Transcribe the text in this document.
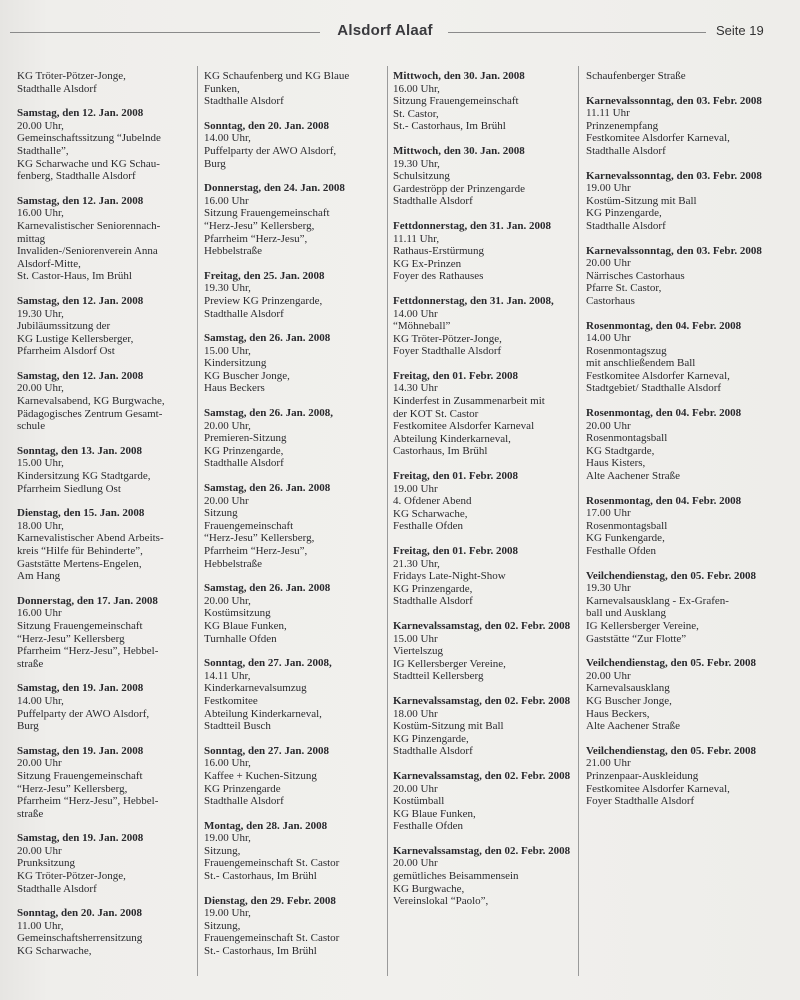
Alsdorf Alaaf	Seite 19
KG Tröter-Pötzer-Jonge,
Stadthalle Alsdorf
Samstag, den 12. Jan. 2008
20.00 Uhr,
Gemeinschaftssitzung “Jubelnde
Stadthalle”,
KG Scharwache und KG Schau-
fenberg, Stadthalle Alsdorf
Samstag, den 12. Jan. 2008
16.00 Uhr,
Karnevalistischer Seniorennach-
mittag
Invaliden-/Seniorenverein Anna
Alsdorf-Mitte,
St. Castor-Haus, Im Brühl
Samstag, den 12. Jan. 2008
19.30 Uhr,
Jubiläumssitzung der
KG Lustige Kellersberger,
Pfarrheim Alsdorf Ost
Samstag, den 12. Jan. 2008
20.00 Uhr,
Karnevalsabend, KG Burgwache,
Pädagogisches Zentrum Gesamt-
schule
Sonntag, den 13. Jan. 2008
15.00 Uhr,
Kindersitzung KG Stadtgarde,
Pfarrheim Siedlung Ost
Dienstag, den 15. Jan. 2008
18.00 Uhr,
Karnevalistischer Abend Arbeits-
kreis “Hilfe für Behinderte”,
Gaststätte Mertens-Engelen,
Am Hang
Donnerstag, den 17. Jan. 2008
16.00 Uhr
Sitzung Frauengemeinschaft
“Herz-Jesu” Kellersberg
Pfarrheim “Herz-Jesu”, Hebbel-
straße
Samstag, den 19. Jan. 2008
14.00 Uhr,
Puffelparty der AWO Alsdorf,
Burg
Samstag, den 19. Jan. 2008
20.00 Uhr
Sitzung Frauengemeinschaft
“Herz-Jesu” Kellersberg,
Pfarrheim “Herz-Jesu”, Hebbel-
straße
Samstag, den 19. Jan. 2008
20.00 Uhr
Prunksitzung
KG Tröter-Pötzer-Jonge,
Stadthalle Alsdorf
Sonntag, den 20. Jan. 2008
11.00 Uhr,
Gemeinschaftsherrensitzung
KG Scharwache,
KG Schaufenberg und KG Blaue
Funken,
Stadthalle Alsdorf
Sonntag, den 20. Jan. 2008
14.00 Uhr,
Puffelparty der AWO Alsdorf,
Burg
Donnerstag, den 24. Jan. 2008
16.00 Uhr
Sitzung Frauengemeinschaft
“Herz-Jesu” Kellersberg,
Pfarrheim “Herz-Jesu”,
Hebbelstraße
Freitag, den 25. Jan. 2008
19.30 Uhr,
Preview KG Prinzengarde,
Stadthalle Alsdorf
Samstag, den 26. Jan. 2008
15.00 Uhr,
Kindersitzung
KG Buscher Jonge,
Haus Beckers
Samstag, den 26. Jan. 2008,
20.00 Uhr,
Premieren-Sitzung
KG Prinzengarde,
Stadthalle Alsdorf
Samstag, den 26. Jan. 2008
20.00 Uhr
Sitzung
Frauengemeinschaft
“Herz-Jesu” Kellersberg,
Pfarrheim “Herz-Jesu”,
Hebbelstraße
Samstag, den 26. Jan. 2008
20.00 Uhr,
Kostümsitzung
KG Blaue Funken,
Turnhalle Ofden
Sonntag, den 27. Jan. 2008,
14.11 Uhr,
Kinderkarnevalsumzug
Festkomitee
Abteilung Kinderkarneval,
Stadtteil Busch
Sonntag, den 27. Jan. 2008
16.00 Uhr,
Kaffee + Kuchen-Sitzung
KG Prinzengarde
Stadthalle Alsdorf
Montag, den 28. Jan. 2008
19.00 Uhr,
Sitzung,
Frauengemeinschaft St. Castor
St.- Castorhaus, Im Brühl
Dienstag, den 29. Febr. 2008
19.00 Uhr,
Sitzung,
Frauengemeinschaft St. Castor
St.- Castorhaus, Im Brühl
Mittwoch, den 30. Jan. 2008
16.00 Uhr,
Sitzung Frauengemeinschaft
St. Castor,
St.- Castorhaus, Im Brühl
Mittwoch, den 30. Jan. 2008
19.30 Uhr,
Schulsitzung
Gardeströpp der Prinzengarde
Stadthalle Alsdorf
Fettdonnerstag, den 31. Jan. 2008
11.11 Uhr,
Rathaus-Erstürmung
KG Ex-Prinzen
Foyer des Rathauses
Fettdonnerstag, den 31. Jan. 2008,
14.00 Uhr
“Möhneball”
KG Tröter-Pötzer-Jonge,
Foyer Stadthalle Alsdorf
Freitag, den 01. Febr. 2008
14.30 Uhr
Kinderfest in Zusammenarbeit mit
der KOT St. Castor
Festkomitee Alsdorfer Karneval
Abteilung Kinderkarneval,
Castorhaus, Im Brühl
Freitag, den 01. Febr. 2008
19.00 Uhr
4. Ofdener Abend
KG Scharwache,
Festhalle Ofden
Freitag, den 01. Febr. 2008
21.30 Uhr,
Fridays Late-Night-Show
KG Prinzengarde,
Stadthalle Alsdorf
Karnevalssamstag, den 02. Febr. 2008
15.00 Uhr
Viertelszug
IG Kellersberger Vereine,
Stadtteil Kellersberg
Karnevalssamstag, den 02. Febr. 2008
18.00 Uhr
Kostüm-Sitzung mit Ball
KG Pinzengarde,
Stadthalle Alsdorf
Karnevalssamstag, den 02. Febr. 2008
20.00 Uhr
Kostümball
KG Blaue Funken,
Festhalle Ofden
Karnevalssamstag, den 02. Febr. 2008
20.00 Uhr
gemütliches Beisammensein
KG Burgwache,
Vereinslokal “Paolo”,
Schaufenberger Straße
Karnevalssonntag, den 03. Febr. 2008
11.11 Uhr
Prinzenempfang
Festkomitee Alsdorfer Karneval,
Stadthalle Alsdorf
Karnevalssonntag, den 03. Febr. 2008
19.00 Uhr
Kostüm-Sitzung mit Ball
KG Pinzengarde,
Stadthalle Alsdorf
Karnevalssonntag, den 03. Febr. 2008
20.00 Uhr
Närrisches Castorhaus
Pfarre St. Castor,
Castorhaus
Rosenmontag, den 04. Febr. 2008
14.00 Uhr
Rosenmontagszug
mit anschließendem Ball
Festkomitee Alsdorfer Karneval,
Stadtgebiet/ Stadthalle Alsdorf
Rosenmontag, den 04. Febr. 2008
20.00 Uhr
Rosenmontagsball
KG Stadtgarde,
Haus Kisters,
Alte Aachener Straße
Rosenmontag, den 04. Febr. 2008
17.00 Uhr
Rosenmontagsball
KG Funkengarde,
Festhalle Ofden
Veilchendienstag, den 05. Febr. 2008
19.30 Uhr
Karnevalsausklang - Ex-Grafen-
ball und Ausklang
IG Kellersberger Vereine,
Gaststätte “Zur Flotte”
Veilchendienstag, den 05. Febr. 2008
20.00 Uhr
Karnevalsausklang
KG Buscher Jonge,
Haus Beckers,
Alte Aachener Straße
Veilchendienstag, den 05. Febr. 2008
21.00 Uhr
Prinzenpaar-Auskleidung
Festkomitee Alsdorfer Karneval,
Foyer Stadthalle Alsdorf
